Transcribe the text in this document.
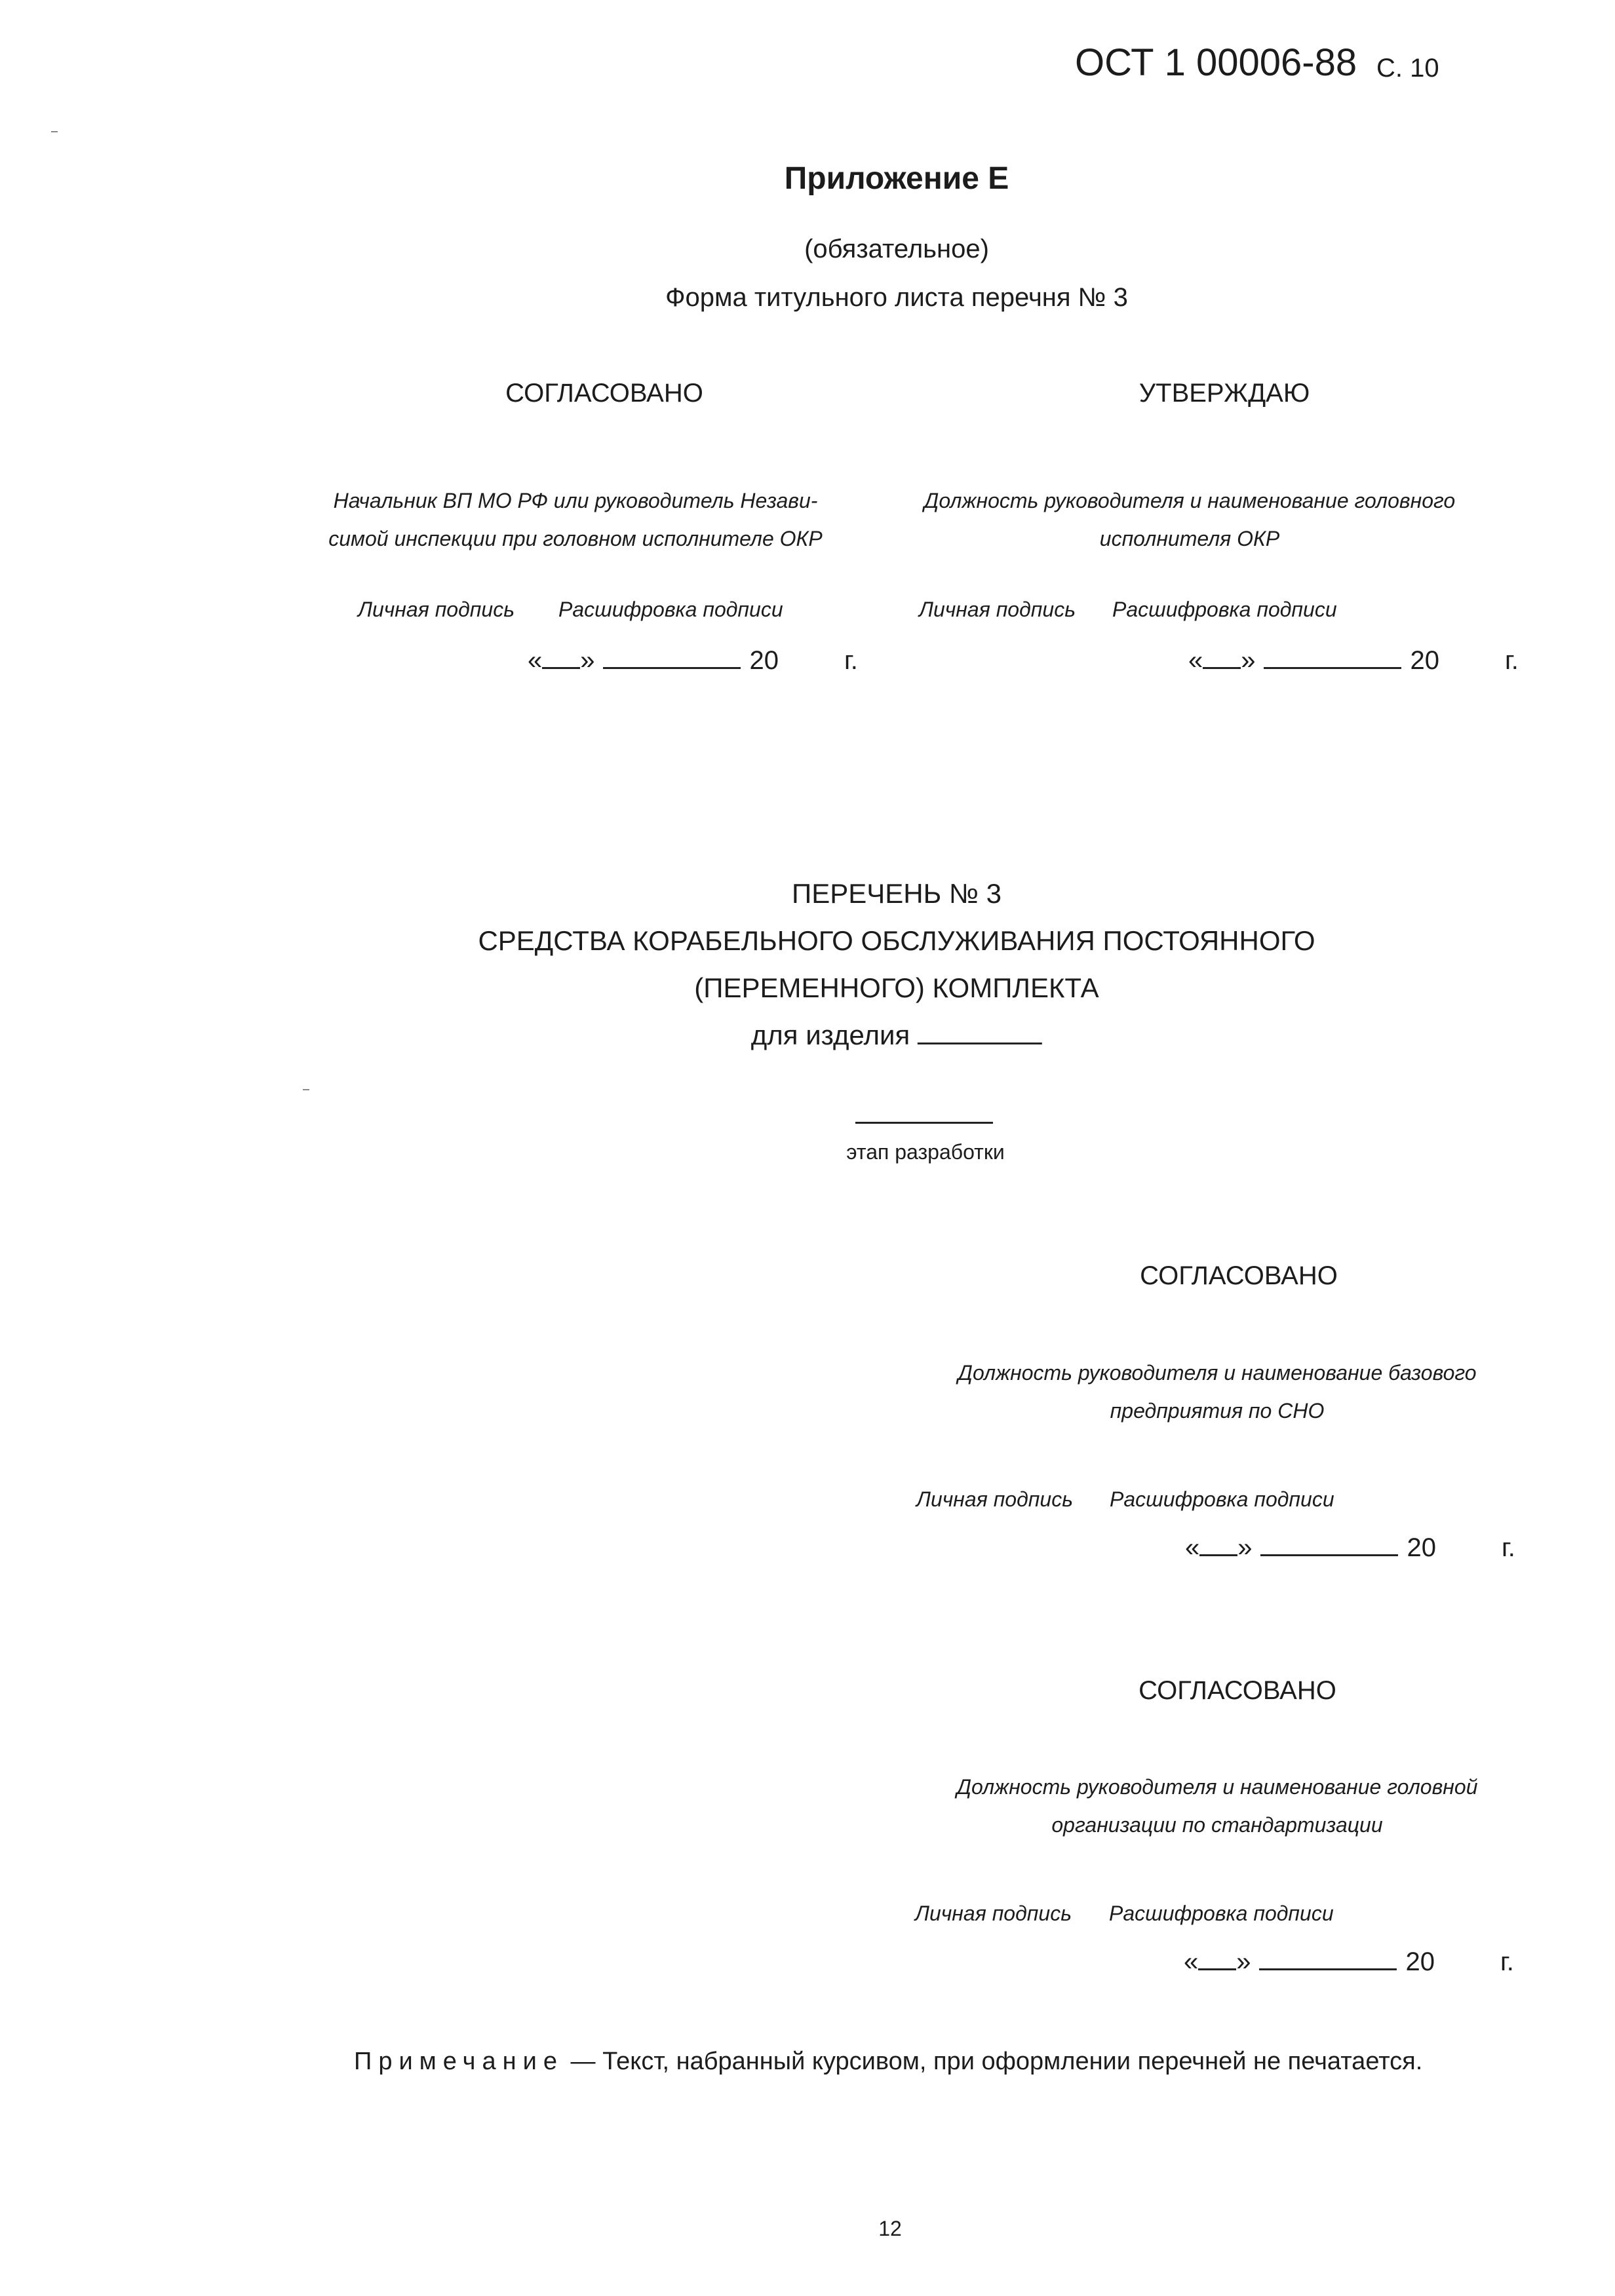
ОСТ 1 00006-88 С. 10
Приложение Е
(обязательное)
Форма титульного листа перечня № 3
СОГЛАСОВАНО
Начальник ВП МО РФ или руководитель Незави-
симой инспекции при головном исполнителе ОКР
Личная подпись Расшифровка подписи
« »	20	г.
УТВЕРЖДАЮ
Должность руководителя и наименование головного
исполнителя ОКР
Личная подпись Расшифровка подписи
« »	20	г.
ПЕРЕЧЕНЬ № 3
СРЕДСТВА КОРАБЕЛЬНОГО ОБСЛУЖИВАНИЯ ПОСТОЯННОГО
(ПЕРЕМЕННОГО) КОМПЛЕКТА
для изделия
этап разработки
СОГЛАСОВАНО
Должность руководителя и наименование базового
предприятия по СНО
Личная подпись Расшифровка подписи
« »	20	г.
СОГЛАСОВАНО
Должность руководителя и наименование головной
организации по стандартизации
Личная подпись Расшифровка подписи
« »	20	г.
Примечание — Текст, набранный курсивом, при оформлении перечней не печатается.
12
